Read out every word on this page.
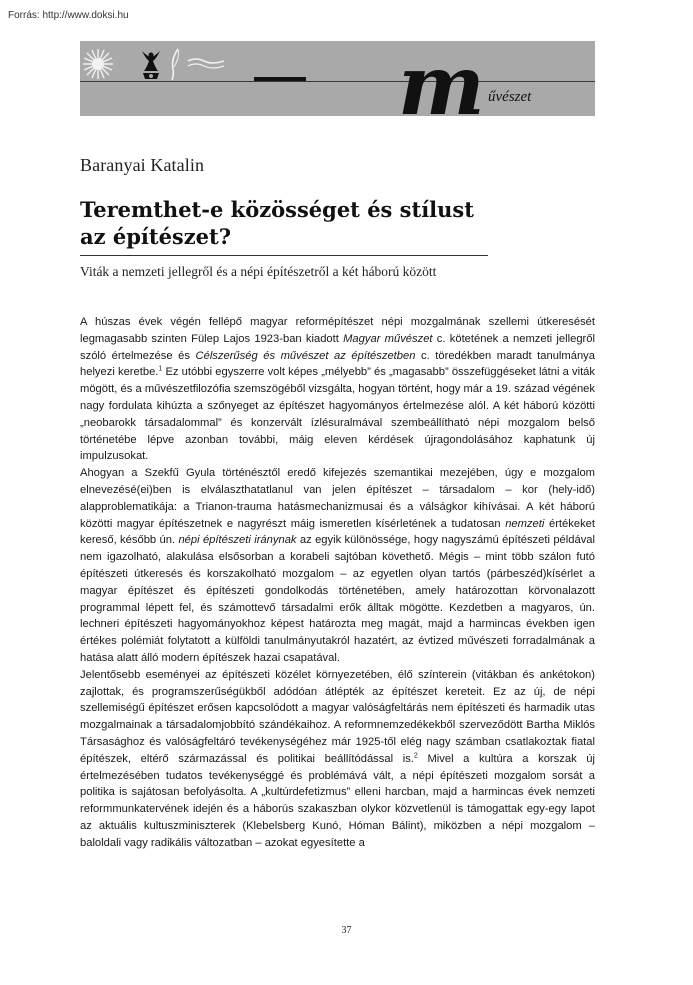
Forrás: http://www.doksi.hu
m űvészet
Baranyai Katalin
Teremthet-e közösséget és stílust az építészet?
Viták a nemzeti jellegről és a népi építészetről a két háború között

A húszas évek végén fellépő magyar reformépítészet népi mozgalmának szellemi útkeresését legmagasabb szinten Fülep Lajos 1923-ban kiadott Magyar művészet c. kötetének a nemzeti jellegről szóló értelmezése és Célszerűség és művészet az építészetben c. töredékben maradt tanulmánya helyezi keretbe.$^1$ Ez utóbbi egyszerre volt képes „mélyebb” és „magasabb” összefüggéseket látni a viták mögött, és a művészetfilozófia szemszögéből vizsgálta, hogyan történt, hogy már a 19. század végének nagy fordulata kihúzta a szőnyeget az építészet hagyományos értelmezése alól. A két háború közötti „neobarokk társadalommal” és konzervált ízlésuralmával szembeállítható népi mozgalom belső történetébe lépve azonban további, máig eleven kérdések újragondolásához kaphatunk új impulzusokat.

Ahogyan a Szekfű Gyula történésztől eredő kifejezés szemantikai mezejében, úgy e mozgalom elnevezésé(ei)ben is elválaszthatatlanul van jelen építészet – társadalom – kor (hely-idő) alapproblematikája: a Trianon-trauma hatásmechanizmusai és a válságkor kihívásai. A két háború közötti magyar építészetnek e nagyrészt máig ismeretlen kísérletének a tudatosan nemzeti értékeket kereső, később ún. népi építészeti iránynak az egyik különössége, hogy nagyszámú építészeti példával nem igazolható, alakulása elsősorban a korabeli sajtóban követhető. Mégis – mint több szálon futó építészeti útkeresés és korszakolható mozgalom – az egyetlen olyan tartós (párbeszéd)kísérlet a magyar építészet és építészeti gondolkodás történetében, amely határozottan körvonalazott programmal lépett fel, és számottevő társadalmi erők álltak mögötte. Kezdetben a magyaros, ún. lechneri építészeti hagyományokhoz képest határozta meg magát, majd a harmincas években igen értékes polémiát folytatott a külföldi tanulmányutakról hazatért, az évtized művészeti forradalmának a hatása alatt álló modern építészek hazai csapatával.

Jelentősebb eseményei az építészeti közélet környezetében, élő színterein (vitákban és ankétokon) zajlottak, és programszerűségükből adódóan átlépték az építészet kereteit. Ez az új, de népi szellemiségű építészet erősen kapcsolódott a magyar valóságfeltárás nem építészeti és harmadik utas mozgalmainak a társadalomjobbító szándékaihoz. A reformnemzedékekből szerveződött Bartha Miklós Társasághoz és valóságfeltáró tevékenységéhez már 1925-től elég nagy számban csatlakoztak fiatal építészek, eltérő származással és politikai beállítódással is.$^2$ Mivel a kultúra a korszak új értelmezésében tudatos tevékenységgé és problémává vált, a népi építészeti mozgalom sorsát a politika is sajátosan befolyásolta. A „kultúrdefetizmus” elleni harcban, majd a harmincas évek nemzeti reformmunkatervének idején és a háborús szakaszban olykor közvetlenül is támogattak egy-egy lapot az aktuális kultuszminiszterek (Klebelsberg Kunó, Hóman Bálint), miközben a népi mozgalom – baloldali vagy radikális változatban – azokat egyesítette a

37
